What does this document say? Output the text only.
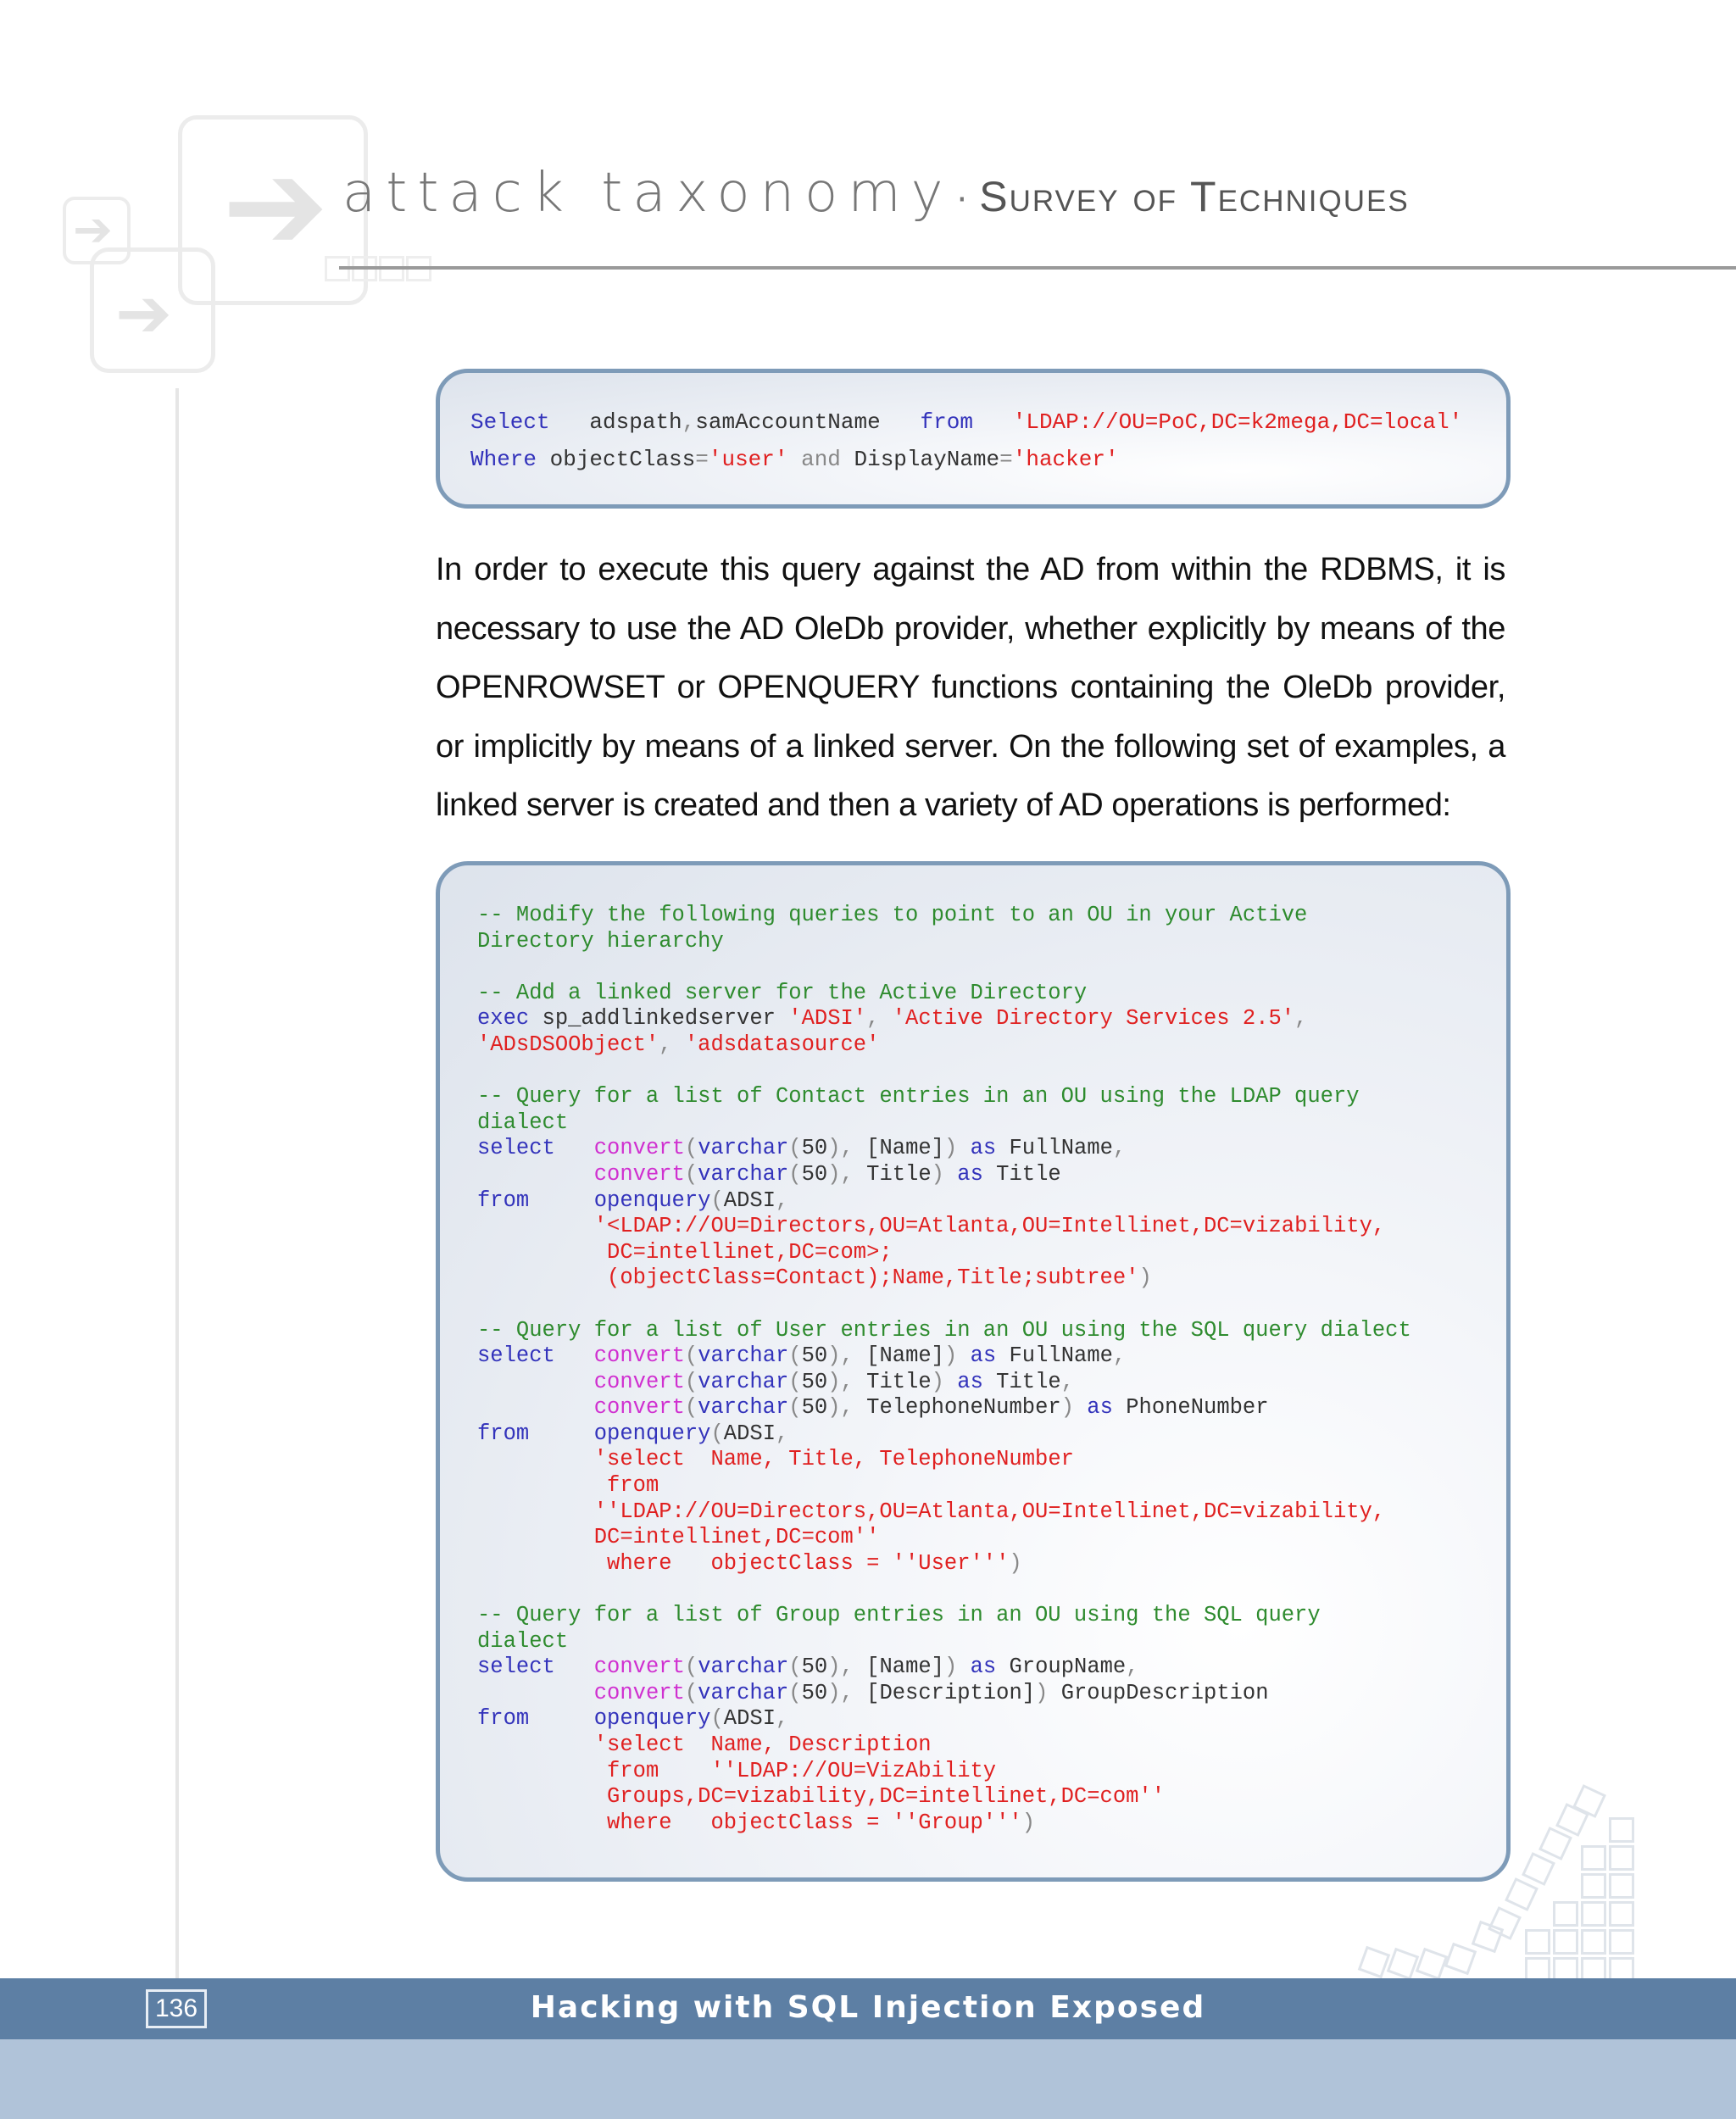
➔
➔
➔
attack taxonomy · Survey of Techniques
Select   adspath,samAccountName   from   'LDAP://OU=PoC,DC=k2mega,DC=local'
Where objectClass='user' and DisplayName='hacker'
In order to execute this query against the AD from within the RDBMS, it is necessary to use the AD OleDb provider, whether explicitly by means of the OPENROWSET or OPENQUERY functions containing the OleDb provider, or implicitly by means of a linked server. On the following set of examples, a linked server is created and then a variety of AD operations is performed:
-- Modify the following queries to point to an OU in your Active
Directory hierarchy
-- Add a linked server for the Active Directory
exec sp_addlinkedserver 'ADSI', 'Active Directory Services 2.5',
'ADsDSOObject', 'adsdatasource'
-- Query for a list of Contact entries in an OU using the LDAP query
dialect
select convert(varchar(50), [Name]) as FullName,
convert(varchar(50), Title) as Title
from	openquery(ADSI,
'<LDAP://OU=Directors,OU=Atlanta,OU=Intellinet,DC=vizability,
DC=intellinet,DC=com>;
(objectClass=Contact);Name,Title;subtree')
-- Query for a list of User entries in an OU using the SQL query dialect
select convert(varchar(50), [Name]) as FullName,
convert(varchar(50), Title) as Title,
convert(varchar(50), TelephoneNumber) as PhoneNumber
from	openquery(ADSI,
'select  Name, Title, TelephoneNumber
from
''LDAP://OU=Directors,OU=Atlanta,OU=Intellinet,DC=vizability,
DC=intellinet,DC=com''
where   objectClass = ''User''')
-- Query for a list of Group entries in an OU using the SQL query
dialect
select convert(varchar(50), [Name]) as GroupName,
convert(varchar(50), [Description]) GroupDescription
from	openquery(ADSI,
'select  Name, Description
from    ''LDAP://OU=VizAbility
Groups,DC=vizability,DC=intellinet,DC=com''
where   objectClass = ''Group''')
136	Hacking with SQL Injection Exposed
